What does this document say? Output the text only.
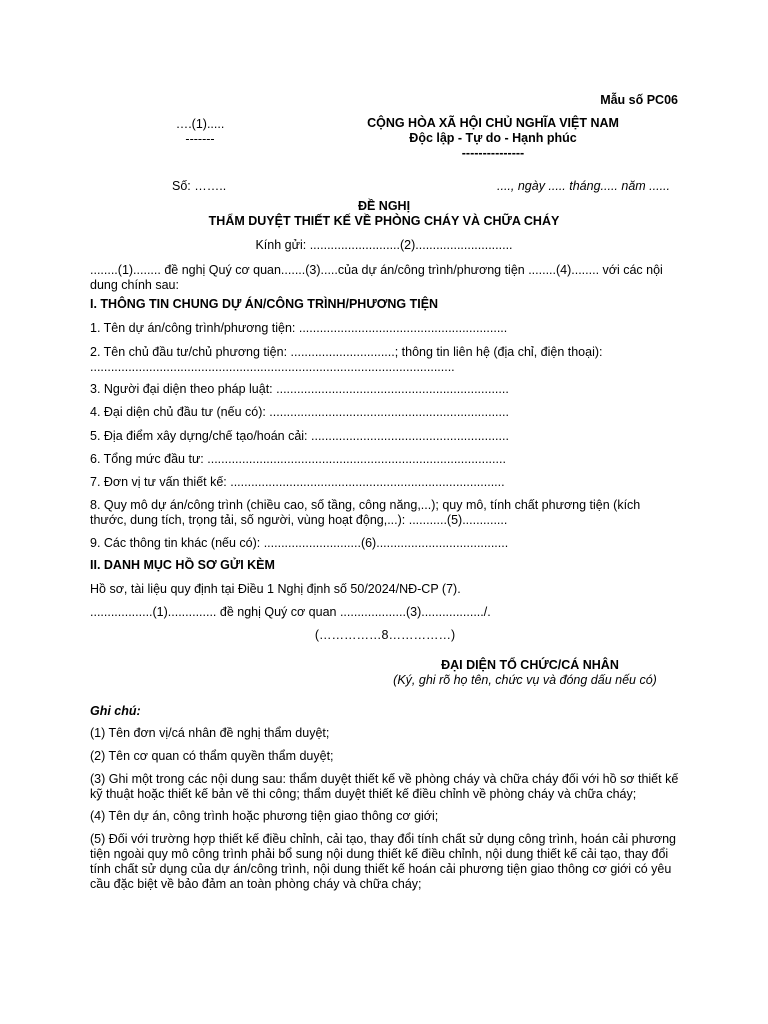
Mẫu số PC06
….(1).....
-------
CỘNG HÒA XÃ HỘI CHỦ NGHĨA VIỆT NAM
Độc lập - Tự do - Hạnh phúc
---------------
Số: ……..	...., ngày ..... tháng..... năm ......
ĐỀ NGHỊ
THẨM DUYỆT THIẾT KẾ VỀ PHÒNG CHÁY VÀ CHỮA CHÁY
Kính gửi: ..........................(2)............................
........(1)........ đề nghị Quý cơ quan.......(3).....của dự án/công trình/phương tiện ........(4)........ với các nội dung chính sau:
I. THÔNG TIN CHUNG DỰ ÁN/CÔNG TRÌNH/PHƯƠNG TIỆN
1. Tên dự án/công trình/phương tiện: ............................................................
2. Tên chủ đầu tư/chủ phương tiện: ..............................; thông tin liên hệ (địa chỉ, điện thoại): .........................................................................................................
3. Người đại diện theo pháp luật: ...................................................................
4. Đại diện chủ đầu tư (nếu có): .....................................................................
5. Địa điểm xây dựng/chế tạo/hoán cải: .........................................................
6. Tổng mức đầu tư: ......................................................................................
7. Đơn vị tư vấn thiết kế: ...............................................................................
8. Quy mô dự án/công trình (chiều cao, số tầng, công năng,...); quy mô, tính chất phương tiện (kích thước, dung tích, trọng tải, số người, vùng hoạt động,...): ...........(5).............
9. Các thông tin khác (nếu có): ............................(6)......................................
II. DANH MỤC HỒ SƠ GỬI KÈM
Hồ sơ, tài liệu quy định tại Điều 1 Nghị định số 50/2024/NĐ-CP (7).
..................(1).............. đề nghị Quý cơ quan ...................(3)................../.
(……………8……………)
ĐẠI DIỆN TỔ CHỨC/CÁ NHÂN
(Ký, ghi rõ họ tên, chức vụ và đóng dấu nếu có)
Ghi chú:
(1) Tên đơn vị/cá nhân đề nghị thẩm duyệt;
(2) Tên cơ quan có thẩm quyền thẩm duyệt;
(3) Ghi một trong các nội dung sau: thẩm duyệt thiết kế về phòng cháy và chữa cháy đối với hồ sơ thiết kế kỹ thuật hoặc thiết kế bản vẽ thi công; thẩm duyệt thiết kế điều chỉnh về phòng cháy và chữa cháy;
(4) Tên dự án, công trình hoặc phương tiện giao thông cơ giới;
(5) Đối với trường hợp thiết kế điều chỉnh, cải tạo, thay đổi tính chất sử dụng công trình, hoán cải phương tiện ngoài quy mô công trình phải bổ sung nội dung thiết kế điều chỉnh, nội dung thiết kế cải tạo, thay đổi tính chất sử dụng của dự án/công trình, nội dung thiết kế hoán cải phương tiện giao thông cơ giới có yêu cầu đặc biệt về bảo đảm an toàn phòng cháy và chữa cháy;
